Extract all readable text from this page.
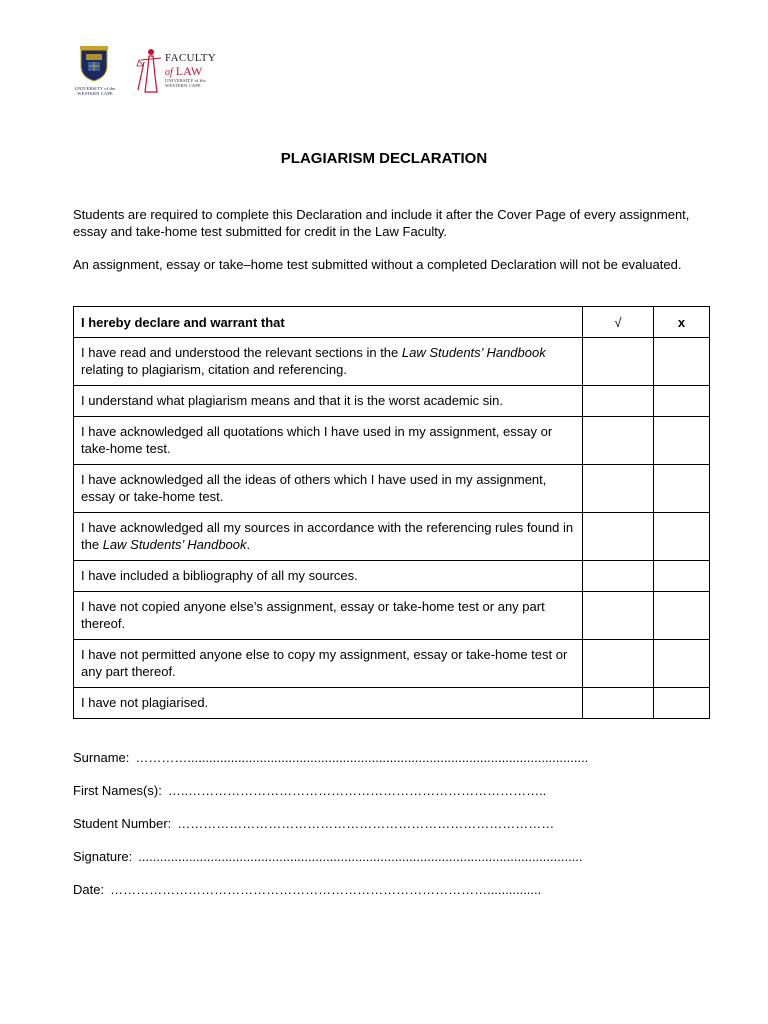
UNIVERSITY of the WESTERN CAPE
FACULTY
of LAW
UNIVERSITY of the WESTERN CAPE
PLAGIARISM DECLARATION
Students are required to complete this Declaration and include it after the Cover Page of every assignment, essay and take-home test submitted for credit in the Law Faculty.
An assignment, essay or take–home test submitted without a completed Declaration will not be evaluated.
I hereby declare and warrant that	√	x
I have read and understood the relevant sections in the Law Students’ Handbook relating to plagiarism, citation and referencing.		
I understand what plagiarism means and that it is the worst academic sin.		
I have acknowledged all quotations which I have used in my assignment, essay or take-home test.		
I have acknowledged all the ideas of others which I have used in my assignment, essay or take-home test.		
I have acknowledged all my sources in accordance with the referencing rules found in the Law Students’ Handbook.		
I have included a bibliography of all my sources.		
I have not copied anyone else’s assignment, essay or take-home test or any part thereof.		
I have not permitted anyone else to copy my assignment, essay or take-home test or any part thereof.		
I have not plagiarised.		
Surname: …………...............................................................................................................
First Names(s): …..………………………………………………………………………..
Student Number: ……………………………………………………………………………
Signature: ...........................................................................................................................
Date: ……………………………………………………………………………...............
